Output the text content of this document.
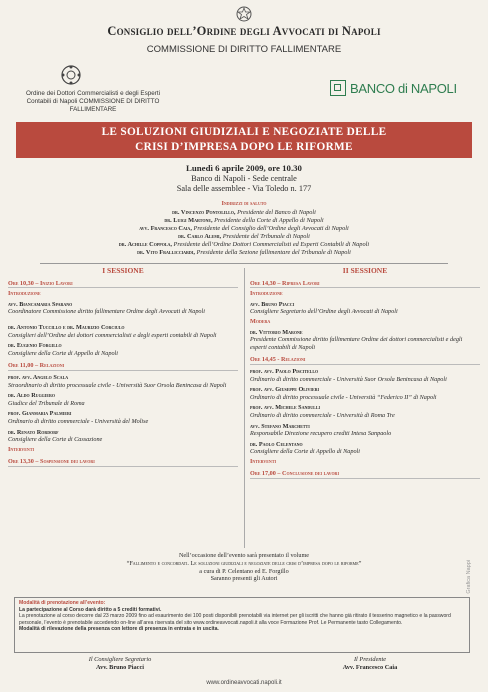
Consiglio dell’Ordine degli Avvocati di Napoli
COMMISSIONE DI DIRITTO FALLIMENTARE
Ordine dei Dottori Commercialisti e degli Esperti Contabili di Napoli COMMISSIONE DI DIRITTO FALLIMENTARE
BANCO di NAPOLI
LE SOLUZIONI GIUDIZIALI E NEGOZIATE DELLE
CRISI D’IMPRESA DOPO LE RIFORME
Lunedì 6 aprile 2009, ore 10.30
Banco di Napoli - Sede centrale
Sala delle assemblee - Via Toledo n. 177
Indirizzi di saluto
dr. Vincenzo Pontolillo, Presidente del Banco di Napoli
dr. Luigi Martone, Presidente della Corte di Appello di Napoli
avv. Francesco Caia, Presidente del Consiglio dell’Ordine degli Avvocati di Napoli
dr. Carlo Alemi, Presidente del Tribunale di Napoli
dr. Achille Coppola, Presidente dell’Ordine Dottori Commercialisti ed Esperti Contabili di Napoli
dr. Vito Frallicciardi, Presidente della Sezione fallimentare del Tribunale di Napoli
I SESSIONE
Ore 10,30 – Inizio Lavori
Introduzione
avv. Biancamaria Sparano
Coordinatore Commissione diritto fallimentare Ordine degli Avvocati di Napoli
dr. Antonio Tuccillo e dr. Maurizio Corciulo
Consiglieri dell’Ordine dei dottori commercialisti e degli esperti contabili di Napoli
dr. Eugenio Forgillo
Consigliere della Corte di Appello di Napoli
Ore 11,00 – Relazioni
prof. avv. Angelo Scala
Straordinario di diritto processuale civile - Università Suor Orsola Benincasa di Napoli
dr. Aldo Ruggiero
Giudice del Tribunale di Roma
prof. Gianmaria Palmieri
Ordinario di diritto commerciale - Università del Molise
dr. Renato Rordorf
Consigliere della Corte di Cassazione
Interventi
Ore 13,30 – Sospensione dei lavori
II SESSIONE
Ore 14,30 – Ripresa Lavori
Introduzione
avv. Bruno Piacci
Consigliere Segretario dell’Ordine degli Avvocati di Napoli
Modera
dr. Vittorio Marone
Presidente Commissione diritto fallimentare Ordine dei dottori commercialisti e degli esperti contabili di Napoli
Ore 14,45 - Relazioni
prof. avv. Paolo Piscitello
Ordinario di diritto commerciale - Università Suor Orsola Benincasa di Napoli
prof. avv. Giuseppe Olivieri
Ordinario di diritto processuale civile - Università “Federico II” di Napoli
prof. avv. Michele Sandulli
Ordinario di diritto commerciale - Università di Roma Tre
avv. Stefano Marchetti
Responsabile Direzione recupero crediti Intesa Sanpaolo
dr. Paolo Celentano
Consigliere della Corte di Appello di Napoli
Interventi
Ore 17,00 – Conclusione dei lavori
Nell’occasione dell’evento sarà presentato il volume
“Fallimento e concordati. Le soluzioni giudiziali e negoziate delle crisi d’impresa dopo le riforme”
a cura di P. Celentano ed E. Forgillo
Saranno presenti gli Autori	Grafica Nappi
Modalità di prenotazione all’evento:
La partecipazione al Corso darà diritto a 5 crediti formativi.
La prenotazione al corso decorre dal 23 marzo 2009 fino ad esaurimento dei 100 posti disponibili prenotabili via internet per gli iscritti che hanno già ritirato il tesserino magnetico e la password personale, l’evento è prenotabile accedendo on-line all’area riservata del sito www.ordineavvocati.napoli.it alla voce Formazione Prof. Le Permanente tasto Collegamento.
Modalità di rilevazione della presenza con lettore di presenza in entrata e in uscita.
Il Consigliere Segretario
Avv. Bruno Piacci
Il Presidente
Avv. Francesco Caia
www.ordineavvocati.napoli.it
